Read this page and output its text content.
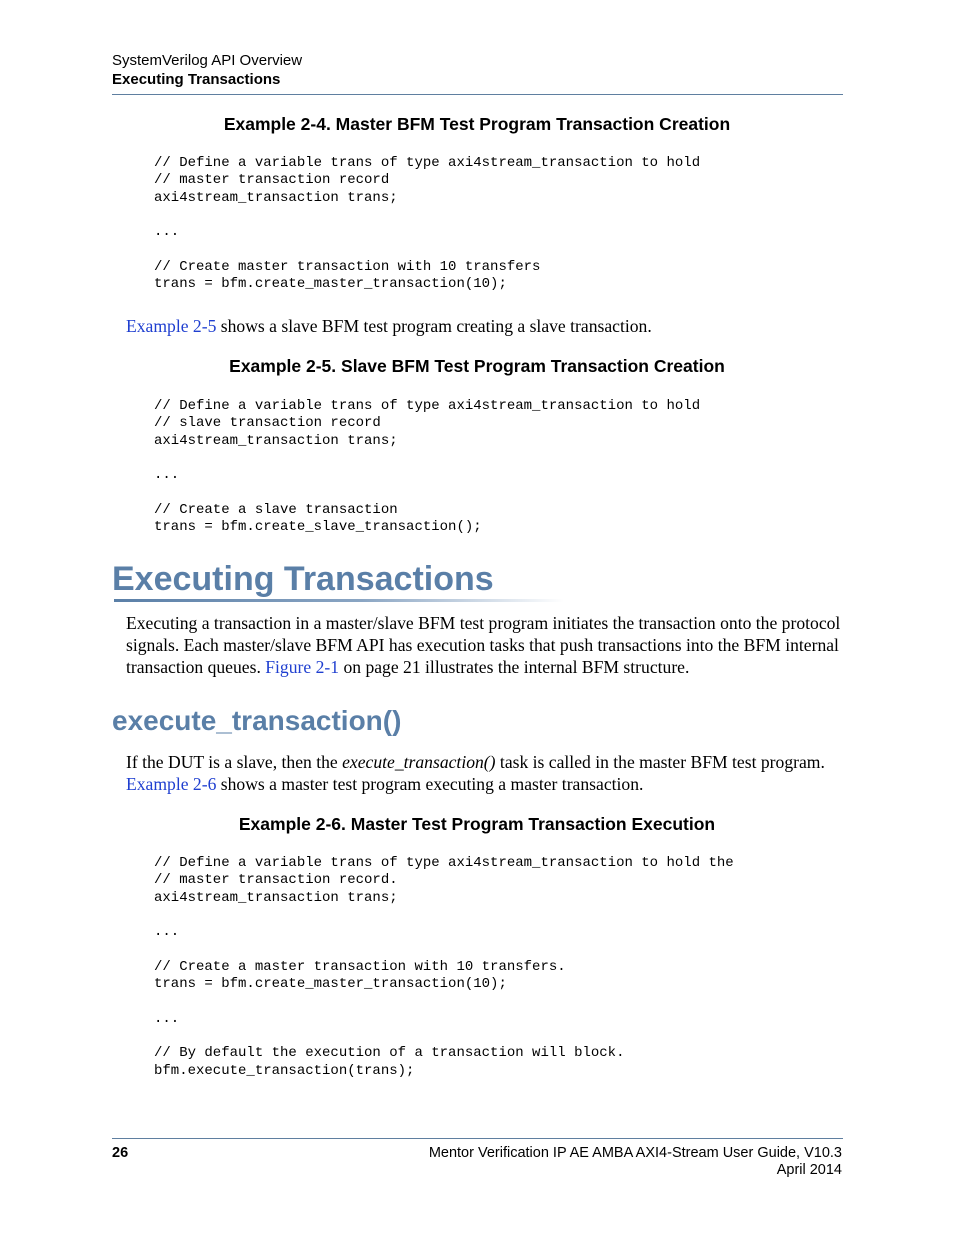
SystemVerilog API Overview
Executing Transactions
Example 2-4. Master BFM Test Program Transaction Creation
// Define a variable trans of type axi4stream_transaction to hold
// master transaction record
axi4stream_transaction trans;

...

// Create master transaction with 10 transfers
trans = bfm.create_master_transaction(10);
Example 2-5 shows a slave BFM test program creating a slave transaction.
Example 2-5. Slave BFM Test Program Transaction Creation
// Define a variable trans of type axi4stream_transaction to hold
// slave transaction record
axi4stream_transaction trans;

...

// Create a slave transaction
trans = bfm.create_slave_transaction();
Executing Transactions
Executing a transaction in a master/slave BFM test program initiates the transaction onto the protocol signals. Each master/slave BFM API has execution tasks that push transactions into the BFM internal transaction queues. Figure 2-1 on page 21 illustrates the internal BFM structure.
execute_transaction()
If the DUT is a slave, then the execute_transaction() task is called in the master BFM test program. Example 2-6 shows a master test program executing a master transaction.
Example 2-6. Master Test Program Transaction Execution
// Define a variable trans of type axi4stream_transaction to hold the
// master transaction record.
axi4stream_transaction trans;

...

// Create a master transaction with 10 transfers.
trans = bfm.create_master_transaction(10);

...

// By default the execution of a transaction will block.
bfm.execute_transaction(trans);
26	Mentor Verification IP AE AMBA AXI4-Stream User Guide, V10.3
April 2014
